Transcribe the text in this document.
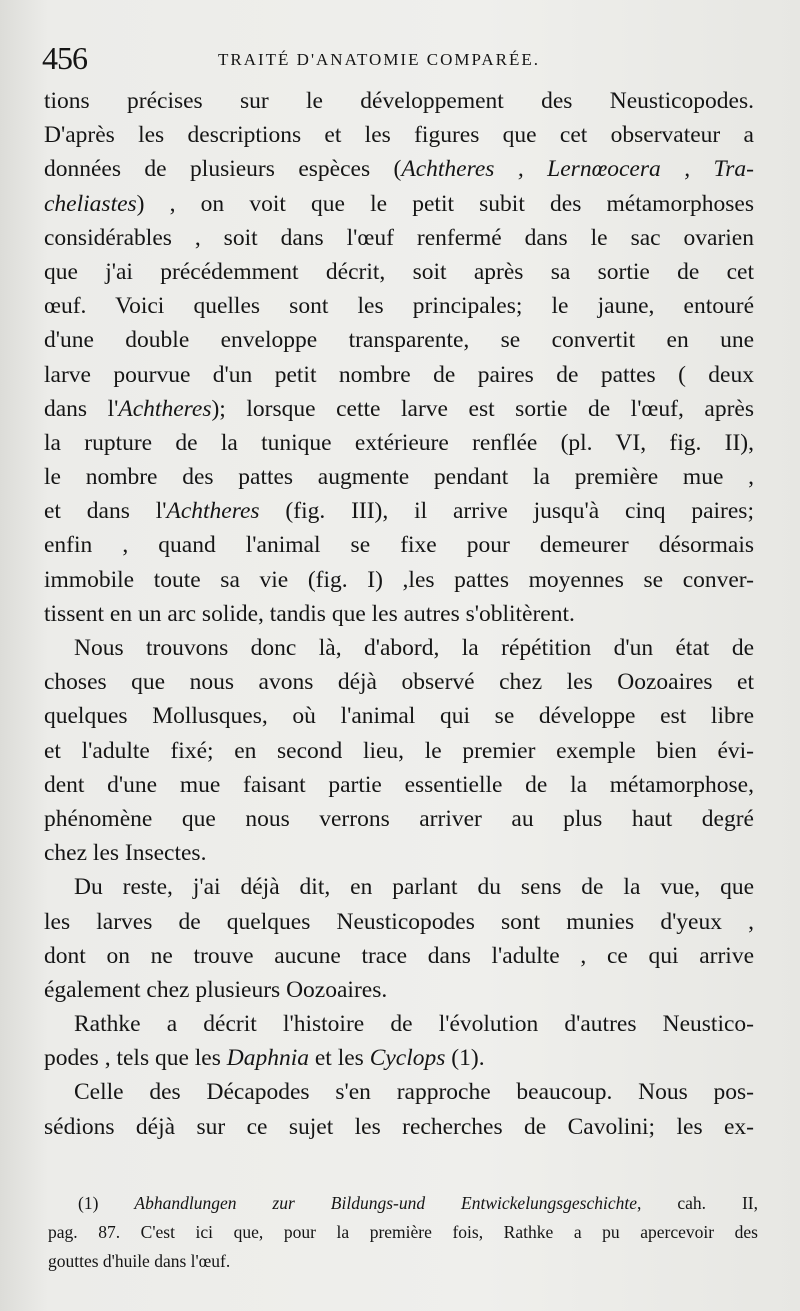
456	TRAITÉ D'ANATOMIE COMPARÉE.
tions précises sur le développement des Neusticopodes.
D'après les descriptions et les figures que cet observateur a
données de plusieurs espèces (Achtheres , Lernœocera , Tra-
cheliastes) , on voit que le petit subit des métamorphoses
considérables , soit dans l'œuf renfermé dans le sac ovarien
que j'ai précédemment décrit, soit après sa sortie de cet
œuf. Voici quelles sont les principales; le jaune, entouré
d'une double enveloppe transparente, se convertit en une
larve pourvue d'un petit nombre de paires de pattes ( deux
dans l'Achtheres); lorsque cette larve est sortie de l'œuf, après
la rupture de la tunique extérieure renflée (pl. VI, fig. II),
le nombre des pattes augmente pendant la première mue ,
et dans l'Achtheres (fig. III), il arrive jusqu'à cinq paires;
enfin , quand l'animal se fixe pour demeurer désormais
immobile toute sa vie (fig. I) ,les pattes moyennes se conver-
tissent en un arc solide, tandis que les autres s'oblitèrent.
Nous trouvons donc là, d'abord, la répétition d'un état de
choses que nous avons déjà observé chez les Oozoaires et
quelques Mollusques, où l'animal qui se développe est libre
et l'adulte fixé; en second lieu, le premier exemple bien évi-
dent d'une mue faisant partie essentielle de la métamorphose,
phénomène que nous verrons arriver au plus haut degré
chez les Insectes.
Du reste, j'ai déjà dit, en parlant du sens de la vue, que
les larves de quelques Neusticopodes sont munies d'yeux ,
dont on ne trouve aucune trace dans l'adulte , ce qui arrive
également chez plusieurs Oozoaires.
Rathke a décrit l'histoire de l'évolution d'autres Neustico-
podes , tels que les Daphnia et les Cyclops (1).
Celle des Décapodes s'en rapproche beaucoup. Nous pos-
sédions déjà sur ce sujet les recherches de Cavolini; les ex-
(1) Abhandlungen zur Bildungs-und Entwickelungsgeschichte, cah. II,
pag. 87. C'est ici que, pour la première fois, Rathke a pu apercevoir des
gouttes d'huile dans l'œuf.
